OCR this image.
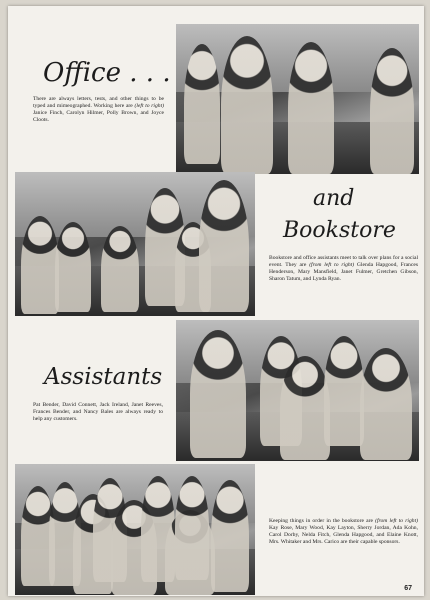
Office . . .

There are always letters, tests, and other things to be typed and mimeographed. Working here are (left to right) Janice Finch, Carolyn Hilmer, Polly Brown, and Joyce Cloots.

and
Bookstore

Bookstore and office assistants meet to talk over plans for a social event. They are (from left to right) Glenda Hapgood, Frances Henderson, Mary Mansfield, Janet Fulmer, Gretchen Gibson, Sharon Tatum, and Lynda Ryan.

Assistants

Pat Bender, David Connett, Jack Ireland, Janet Reeves, Frances Bender, and Nancy Bales are always ready to help any customers.

Keeping things in order in the bookstore are (from left to right) Kay Rose, Mary Wood, Kay Layton, Sherry Jordan, Ada Kohn, Carol Dorby, Nelda Fitch, Glenda Hapgood, and Elaine Knott, Mrs. Whitaker and Mrs. Carico are their capable sponsors.

67
